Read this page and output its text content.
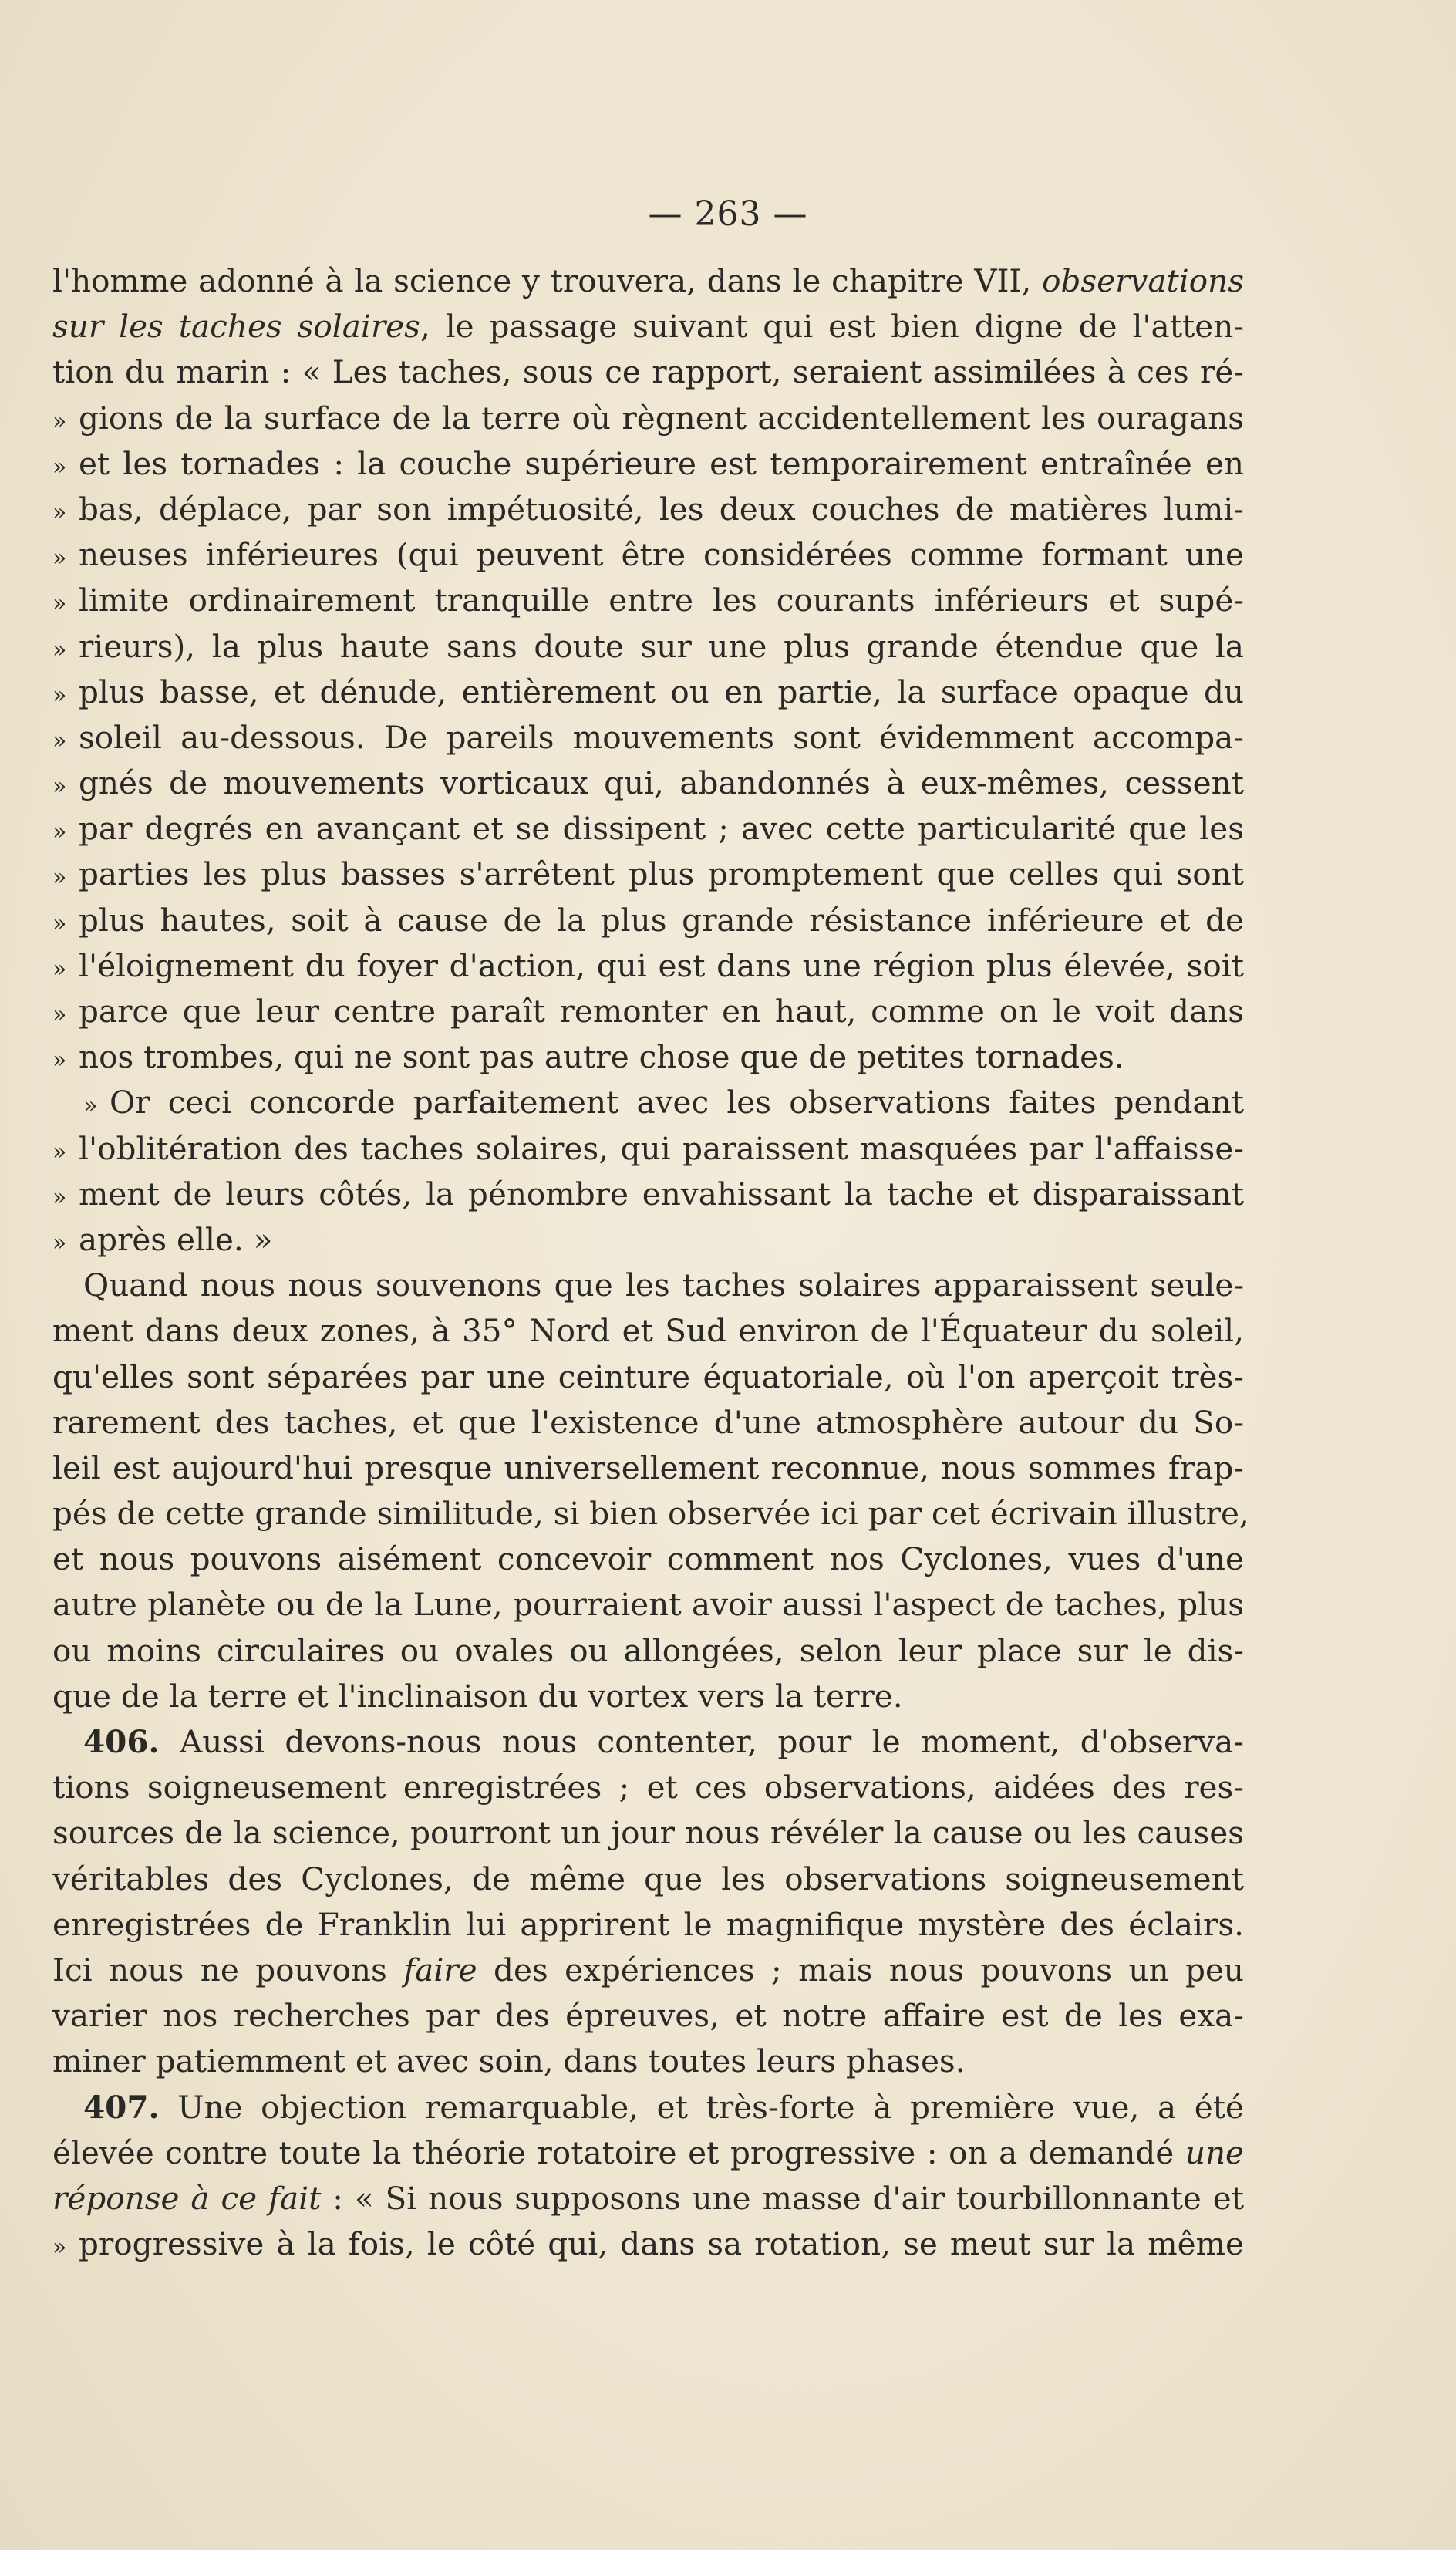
— 263 —
l'homme adonné à la science y trouvera, dans le chapitre VII, observations
sur les taches solaires, le passage suivant qui est bien digne de l'atten-
tion du marin : « Les taches, sous ce rapport, seraient assimilées à ces ré-
» gions de la surface de la terre où règnent accidentellement les ouragans
» et les tornades : la couche supérieure est temporairement entraînée en
» bas, déplace, par son impétuosité, les deux couches de matières lumi-
» neuses inférieures (qui peuvent être considérées comme formant une
» limite ordinairement tranquille entre les courants inférieurs et supé-
» rieurs), la plus haute sans doute sur une plus grande étendue que la
» plus basse, et dénude, entièrement ou en partie, la surface opaque du
» soleil au-dessous. De pareils mouvements sont évidemment accompa-
» gnés de mouvements vorticaux qui, abandonnés à eux-mêmes, cessent
» par degrés en avançant et se dissipent ; avec cette particularité que les
» parties les plus basses s'arrêtent plus promptement que celles qui sont
» plus hautes, soit à cause de la plus grande résistance inférieure et de
» l'éloignement du foyer d'action, qui est dans une région plus élevée, soit
» parce que leur centre paraît remonter en haut, comme on le voit dans
» nos trombes, qui ne sont pas autre chose que de petites tornades.
» Or ceci concorde parfaitement avec les observations faites pendant
» l'oblitération des taches solaires, qui paraissent masquées par l'affaisse-
» ment de leurs côtés, la pénombre envahissant la tache et disparaissant
» après elle. »
Quand nous nous souvenons que les taches solaires apparaissent seule-
ment dans deux zones, à 35° Nord et Sud environ de l'Équateur du soleil,
qu'elles sont séparées par une ceinture équatoriale, où l'on aperçoit très-
rarement des taches, et que l'existence d'une atmosphère autour du So-
leil est aujourd'hui presque universellement reconnue, nous sommes frap-
pés de cette grande similitude, si bien observée ici par cet écrivain illustre,
et nous pouvons aisément concevoir comment nos Cyclones, vues d'une
autre planète ou de la Lune, pourraient avoir aussi l'aspect de taches, plus
ou moins circulaires ou ovales ou allongées, selon leur place sur le dis-
que de la terre et l'inclinaison du vortex vers la terre.
406. Aussi devons-nous nous contenter, pour le moment, d'observa-
tions soigneusement enregistrées ; et ces observations, aidées des res-
sources de la science, pourront un jour nous révéler la cause ou les causes
véritables des Cyclones, de même que les observations soigneusement
enregistrées de Franklin lui apprirent le magnifique mystère des éclairs.
Ici nous ne pouvons faire des expériences ; mais nous pouvons un peu
varier nos recherches par des épreuves, et notre affaire est de les exa-
miner patiemment et avec soin, dans toutes leurs phases.
407. Une objection remarquable, et très-forte à première vue, a été
élevée contre toute la théorie rotatoire et progressive : on a demandé une
réponse à ce fait : « Si nous supposons une masse d'air tourbillonnante et
» progressive à la fois, le côté qui, dans sa rotation, se meut sur la même
